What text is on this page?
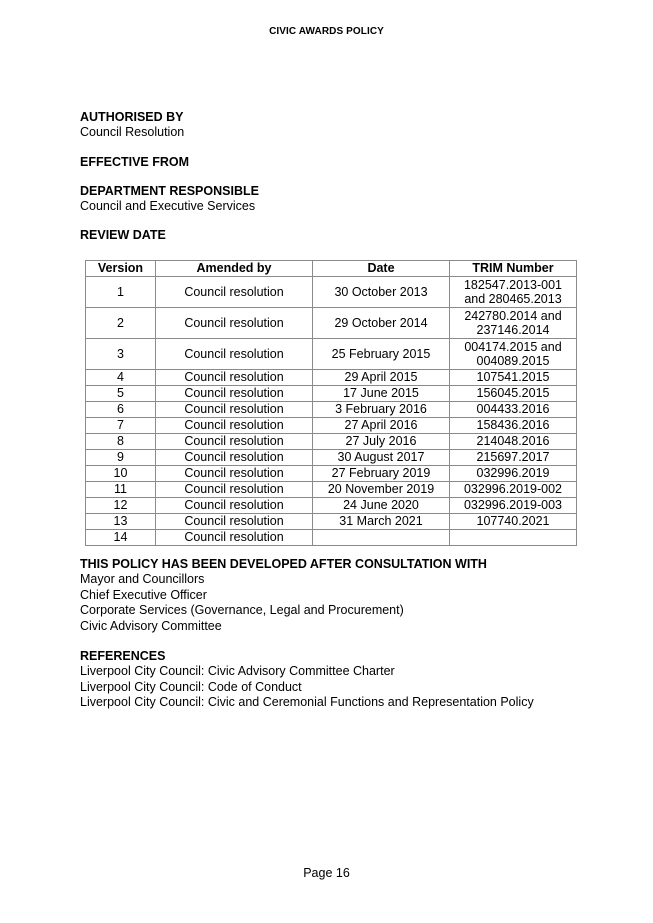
CIVIC AWARDS POLICY
AUTHORISED BY
Council Resolution
EFFECTIVE FROM
DEPARTMENT RESPONSIBLE
Council and Executive Services
REVIEW DATE
Version	Amended by	Date	TRIM Number
1	Council resolution	30 October 2013	182547.2013-001
and 280465.2013

2	Council resolution	29 October 2014	242780.2014 and
237146.2014

3	Council resolution	25 February 2015	004174.2015 and
004089.2015

4	Council resolution	29 April 2015	107541.2015
5	Council resolution	17 June 2015	156045.2015
6	Council resolution	3 February 2016	004433.2016
7	Council resolution	27 April 2016	158436.2016
8	Council resolution	27 July 2016	214048.2016
9	Council resolution	30 August 2017	215697.2017
10	Council resolution	27 February 2019	032996.2019
11	Council resolution	20 November 2019	032996.2019-002
12	Council resolution	24 June 2020	032996.2019-003
13	Council resolution	31 March 2021	107740.2021
14	Council resolution		
THIS POLICY HAS BEEN DEVELOPED AFTER CONSULTATION WITH
Mayor and Councillors
Chief Executive Officer
Corporate Services (Governance, Legal and Procurement)
Civic Advisory Committee
REFERENCES
Liverpool City Council: Civic Advisory Committee Charter
Liverpool City Council: Code of Conduct
Liverpool City Council: Civic and Ceremonial Functions and Representation Policy
Page 16
